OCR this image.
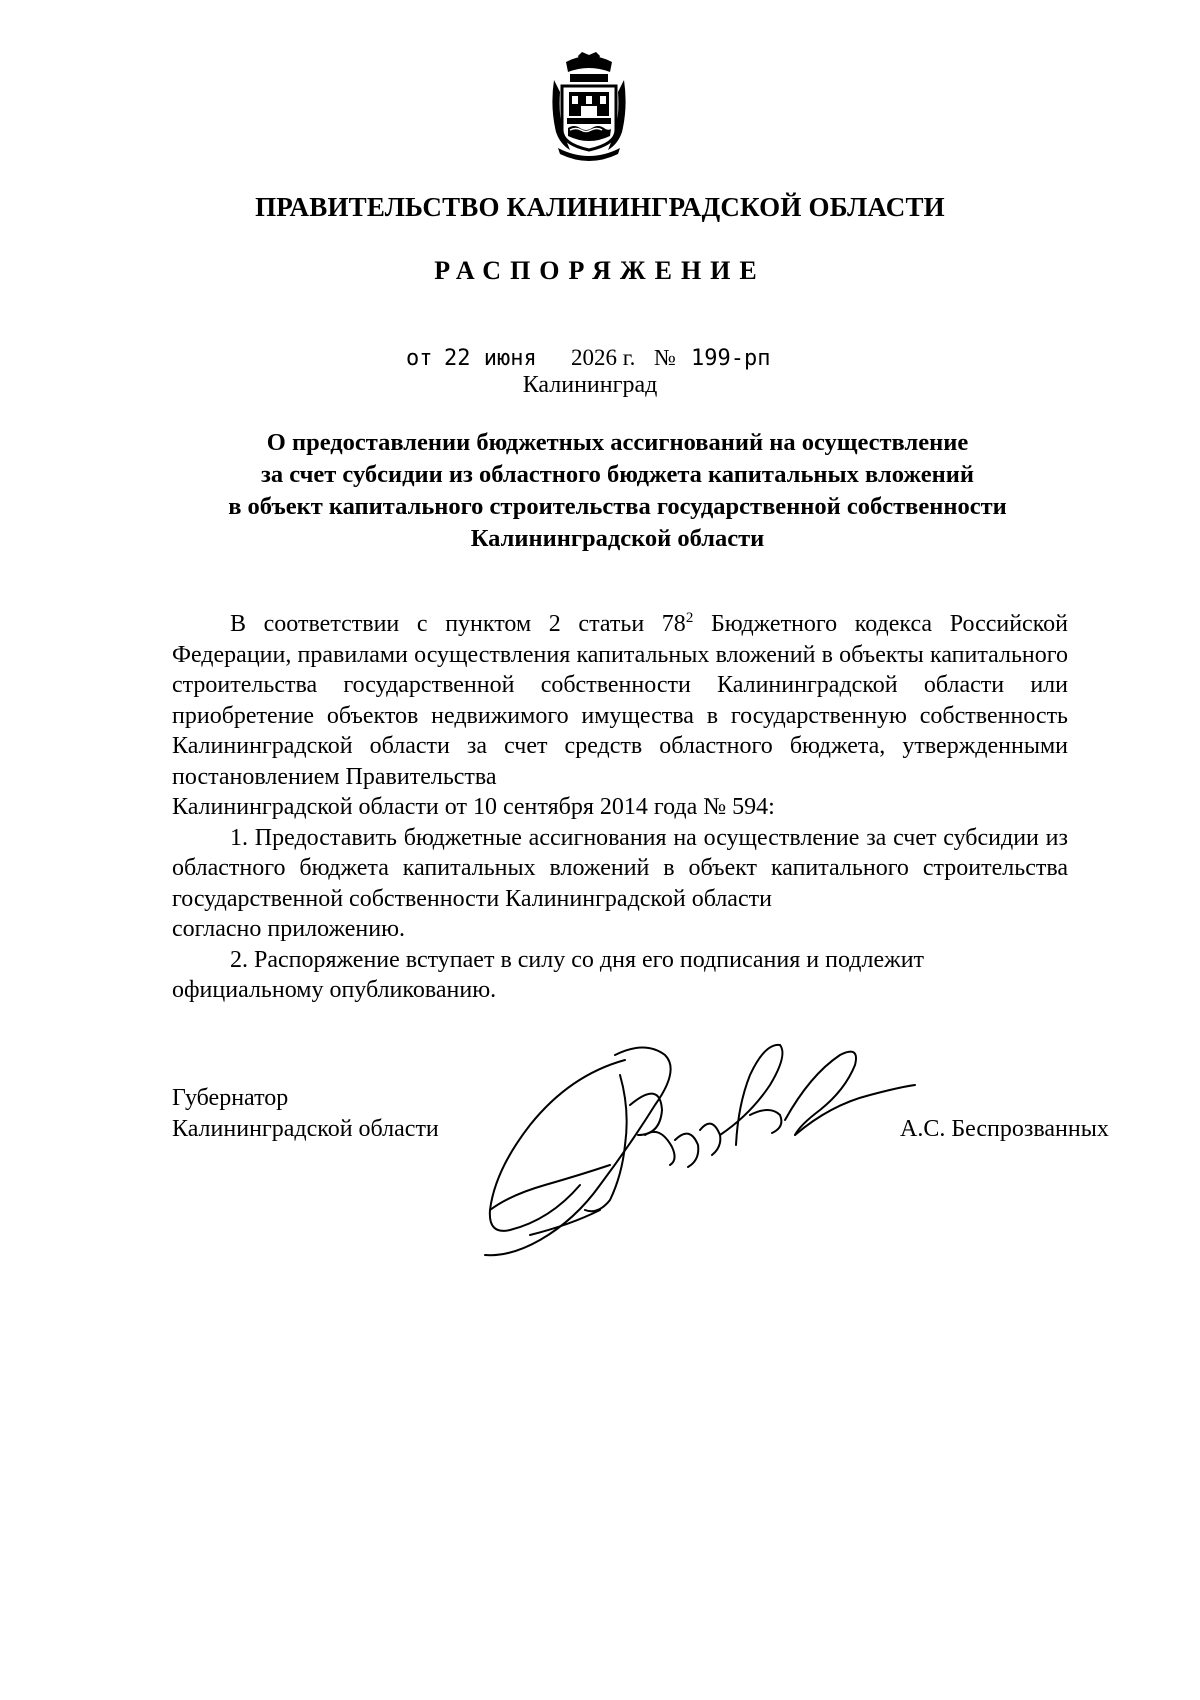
ПРАВИТЕЛЬСТВО КАЛИНИНГРАДСКОЙ ОБЛАСТИ
РАСПОРЯЖЕНИЕ
от 22 июня 2026 г. № 199-рп
Калининград
О предоставлении бюджетных ассигнований на осуществление
за счет субсидии из областного бюджета капитальных вложений
в объект капитального строительства государственной собственности
Калининградской области

В соответствии с пунктом 2 статьи $78^2$ Бюджетного кодекса Российской Федерации, правилами осуществления капитальных вложений в объекты капитального строительства государственной собственности Калининградской области или приобретение объектов недвижимого имущества в государственную собственность Калининградской области за счет средств областного бюджета, утвержденными постановлением Правительства

Калининградской области от 10 сентября 2014 года № 594:

1. Предоставить бюджетные ассигнования на осуществление за счет субсидии из областного бюджета капитальных вложений в объект капитального строительства государственной собственности Калининградской области

согласно приложению.

2. Распоряжение вступает в силу со дня его подписания и подлежит

официальному опубликованию.

Губернатор
Калининградской области	А.С. Беспрозванных
